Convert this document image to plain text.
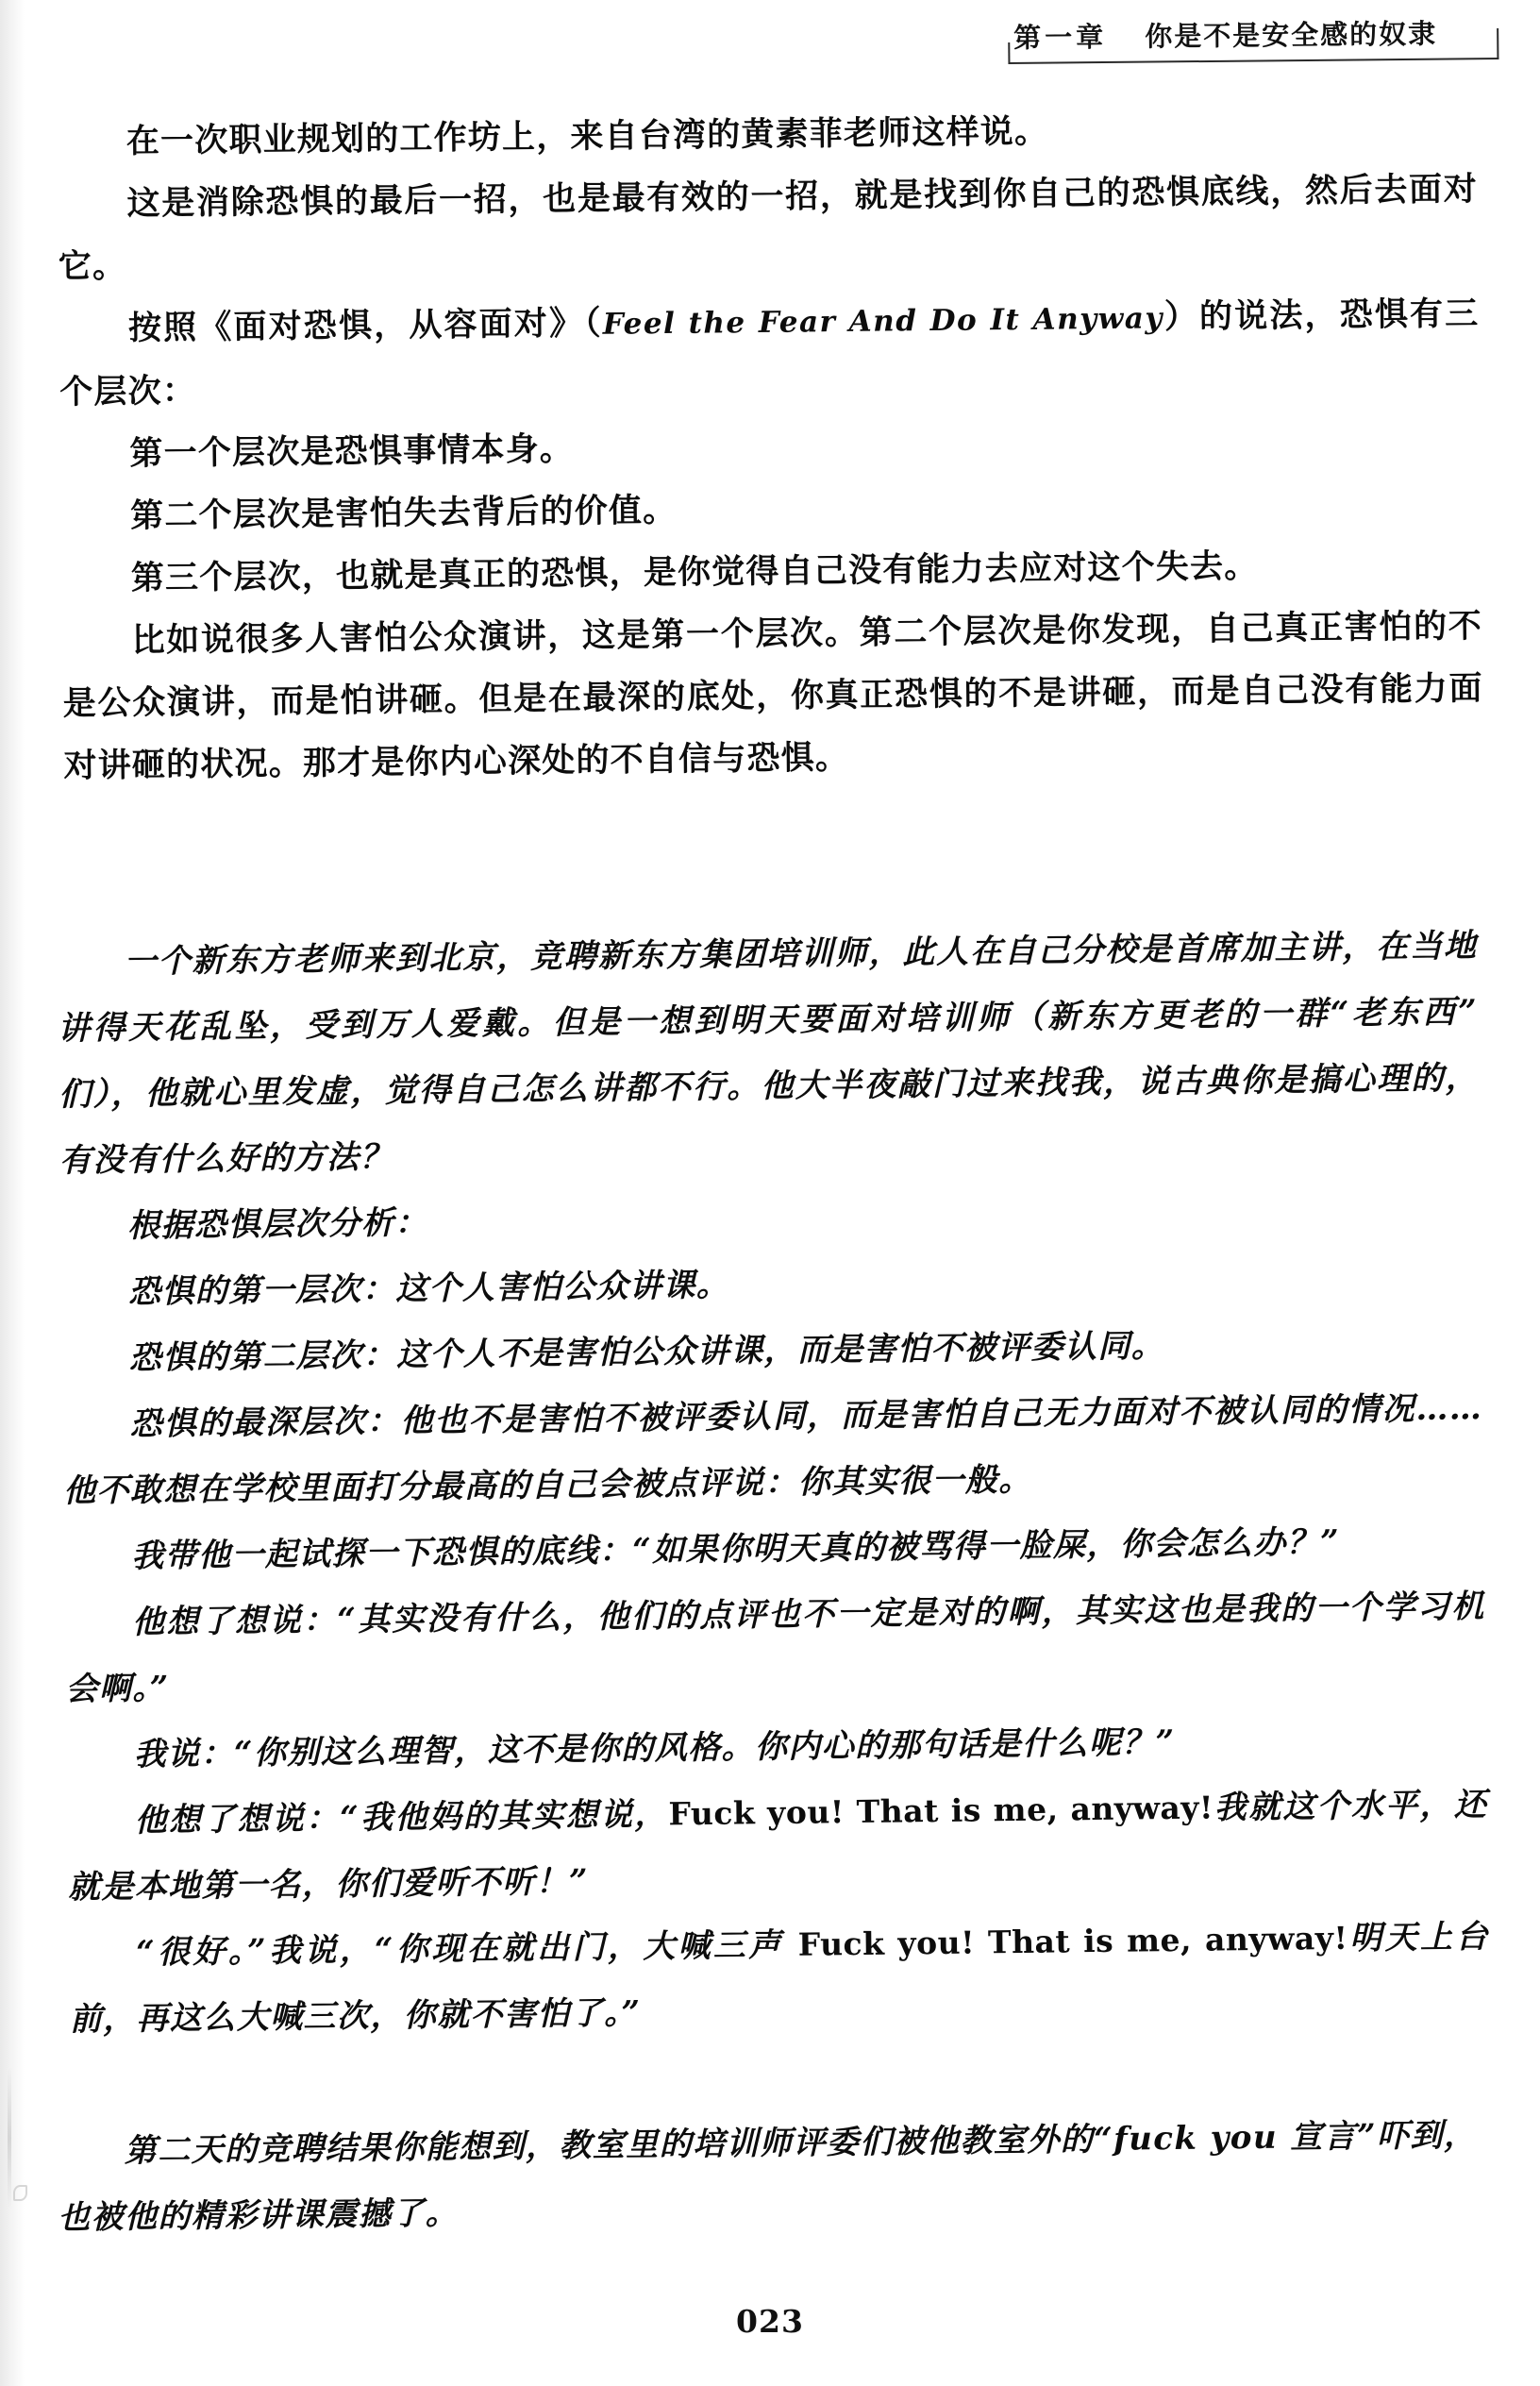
第一章 你是不是安全感的奴隶

在一次职业规划的工作坊上，来自台湾的黄素菲老师这样说。

这是消除恐惧的最后一招，也是最有效的一招，就是找到你自己的恐惧底线，然后去面对它。

按照《面对恐惧，从容面对》（Feel the Fear And Do It Anyway）的说法，恐惧有三个层次：

第一个层次是恐惧事情本身。

第二个层次是害怕失去背后的价值。

第三个层次，也就是真正的恐惧，是你觉得自己没有能力去应对这个失去。

比如说很多人害怕公众演讲，这是第一个层次。第二个层次是你发现，自己真正害怕的不是公众演讲，而是怕讲砸。但是在最深的底处，你真正恐惧的不是讲砸，而是自己没有能力面对讲砸的状况。那才是你内心深处的不自信与恐惧。

一个新东方老师来到北京，竞聘新东方集团培训师，此人在自己分校是首席加主讲，在当地讲得天花乱坠，受到万人爱戴。但是一想到明天要面对培训师（新东方更老的一群“老东西”们），他就心里发虚，觉得自己怎么讲都不行。他大半夜敲门过来找我，说古典你是搞心理的，有没有什么好的方法？

根据恐惧层次分析：

恐惧的第一层次：这个人害怕公众讲课。

恐惧的第二层次：这个人不是害怕公众讲课，而是害怕不被评委认同。

恐惧的最深层次：他也不是害怕不被评委认同，而是害怕自己无力面对不被认同的情况……他不敢想在学校里面打分最高的自己会被点评说：你其实很一般。

我带他一起试探一下恐惧的底线：“如果你明天真的被骂得一脸屎，你会怎么办？”

他想了想说：“其实没有什么，他们的点评也不一定是对的啊，其实这也是我的一个学习机会啊。”

我说：“你别这么理智，这不是你的风格。你内心的那句话是什么呢？”

他想了想说：“我他妈的其实想说，Fuck you! That is me, anyway!我就这个水平，还就是本地第一名，你们爱听不听！”

“很好。”我说，“你现在就出门，大喊三声 Fuck you! That is me, anyway!明天上台前，再这么大喊三次，你就不害怕了。”

第二天的竞聘结果你能想到，教室里的培训师评委们被他教室外的“fuck you 宣言”吓到，也被他的精彩讲课震撼了。

023
